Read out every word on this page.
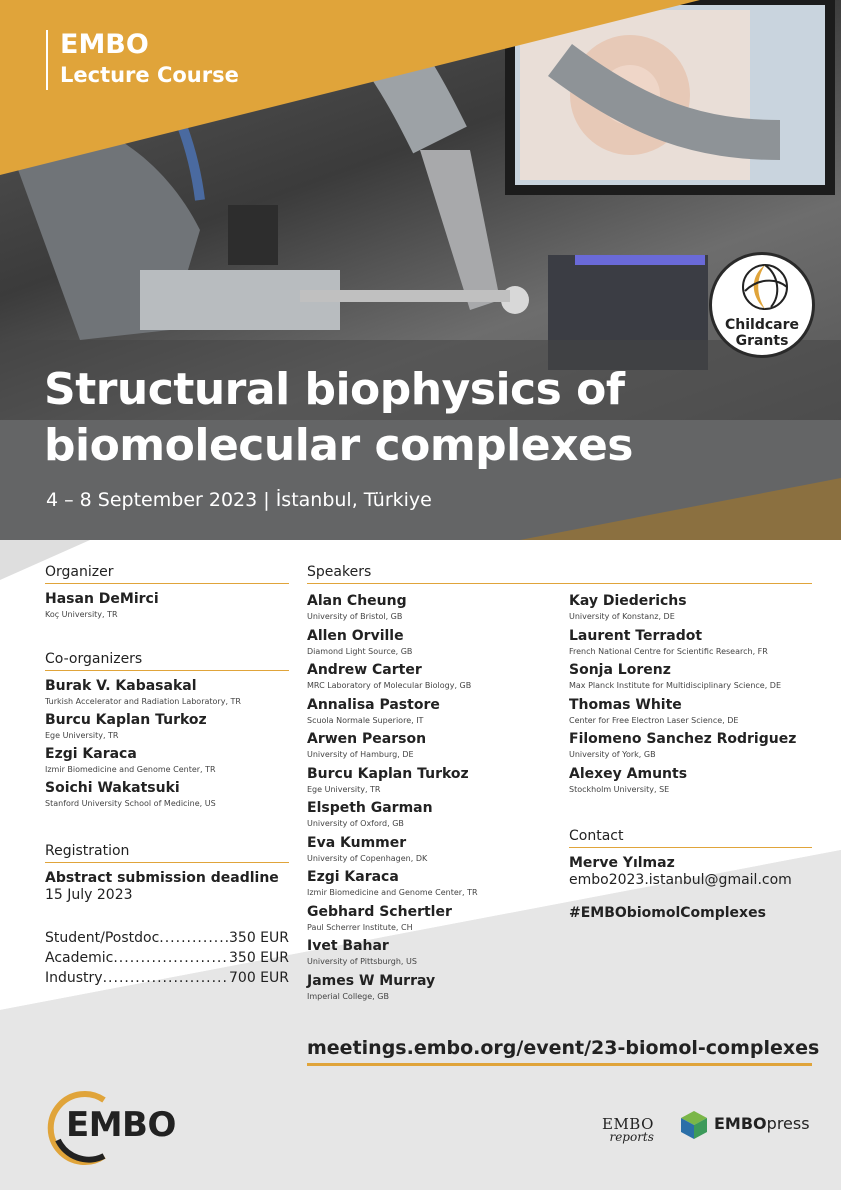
EMBO
Lecture Course
Structural biophysics of
biomolecular complexes
4 – 8 September 2023 | İstanbul, Türkiye
Childcare
Grants
Organizer
Hasan DeMirci
Koç University, TR
Co-organizers
Burak V. Kabasakal
Turkish Accelerator and Radiation Laboratory, TR
Burcu Kaplan Turkoz
Ege University, TR
Ezgi Karaca
Izmir Biomedicine and Genome Center, TR
Soichi Wakatsuki
Stanford University School of Medicine, US
Registration
Abstract submission deadline
15 July 2023
Student/Postdoc .....	350 EUR
Academic .....	350 EUR
Industry .....	700 EUR
Speakers
Alan Cheung
University of Bristol, GB
Allen Orville
Diamond Light Source, GB
Andrew Carter
MRC Laboratory of Molecular Biology, GB
Annalisa Pastore
Scuola Normale Superiore, IT
Arwen Pearson
University of Hamburg, DE
Burcu Kaplan Turkoz
Ege University, TR
Elspeth Garman
University of Oxford, GB
Eva Kummer
University of Copenhagen, DK
Ezgi Karaca
Izmir Biomedicine and Genome Center, TR
Gebhard Schertler
Paul Scherrer Institute, CH
Ivet Bahar
University of Pittsburgh, US
James W Murray
Imperial College, GB
Kay Diederichs
University of Konstanz, DE
Laurent Terradot
French National Centre for Scientific Research, FR
Sonja Lorenz
Max Planck Institute for Multidisciplinary Science, DE
Thomas White
Center for Free Electron Laser Science, DE
Filomeno Sanchez Rodriguez
University of York, GB
Alexey Amunts
Stockholm University, SE
Contact
Merve Yılmaz
embo2023.istanbul@gmail.com
#EMBObiomolComplexes
meetings.embo.org/event/23-biomol-complexes
EMBO	EMBO
reports
EMBOpress
